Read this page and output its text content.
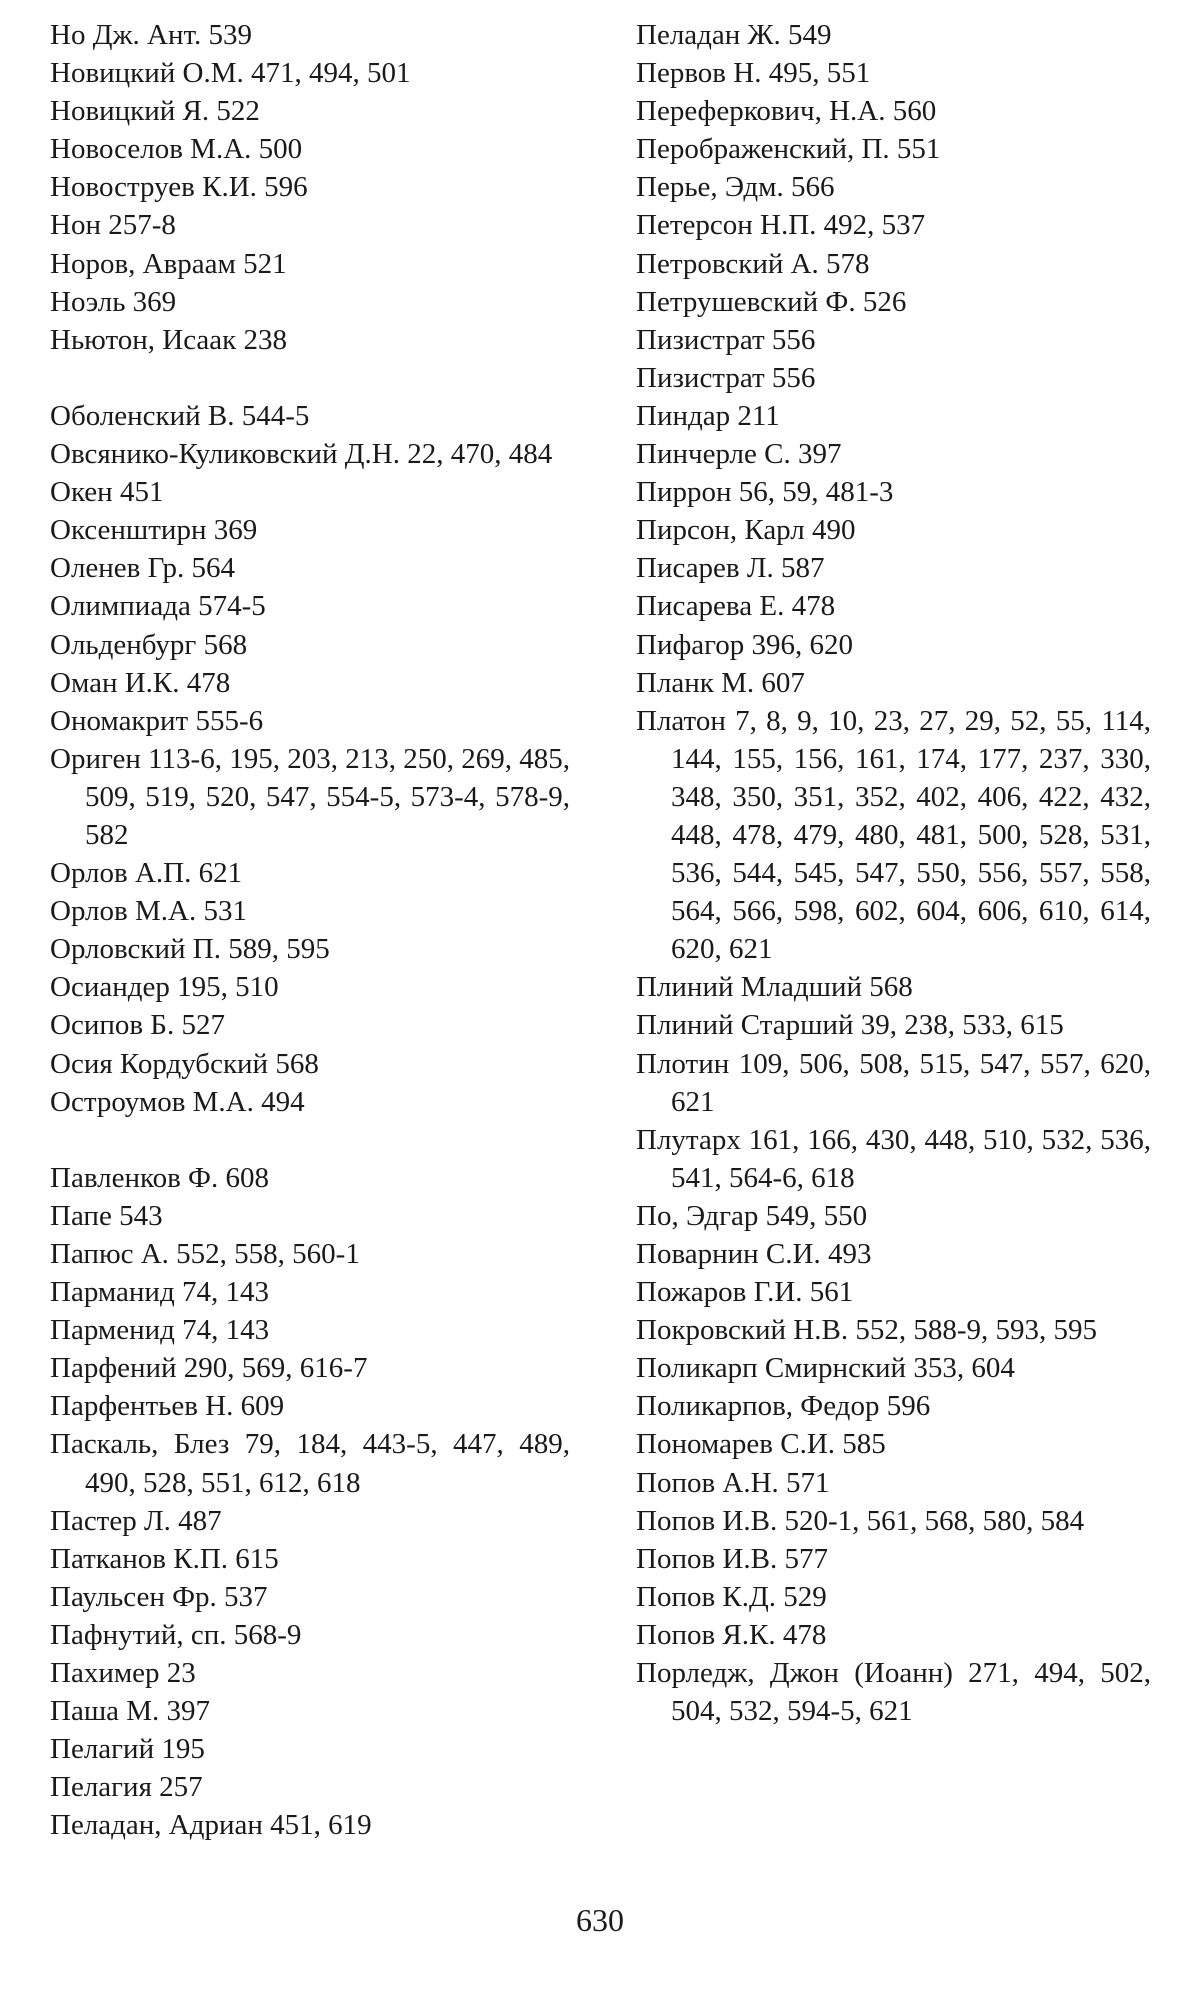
Но Дж. Ант. 539
Новицкий О.М. 471, 494, 501
Новицкий Я. 522
Новоселов М.А. 500
Новоструев К.И. 596
Нон 257-8
Норов, Авраам 521
Ноэль 369
Ньютон, Исаак 238
Оболенский В. 544-5
Овсянико-Куликовский Д.Н. 22, 470, 484
Окен 451
Оксенштирн 369
Оленев Гр. 564
Олимпиада 574-5
Ольденбург 568
Оман И.К. 478
Ономакрит 555-6
Ориген 113-6, 195, 203, 213, 250, 269, 485, 509, 519, 520, 547, 554-5, 573-4, 578-9, 582
Орлов А.П. 621
Орлов М.А. 531
Орловский П. 589, 595
Осиандер 195, 510
Осипов Б. 527
Осия Кордубский 568
Остроумов М.А. 494
Павленков Ф. 608
Папе 543
Папюс А. 552, 558, 560-1
Парманид 74, 143
Парменид 74, 143
Парфений 290, 569, 616-7
Парфентьев Н. 609
Паскаль, Блез 79, 184, 443-5, 447, 489, 490, 528, 551, 612, 618
Пастер Л. 487
Патканов К.П. 615
Паульсен Фр. 537
Пафнутий, сп. 568-9
Пахимер 23
Паша М. 397
Пелагий 195
Пелагия 257
Пеладан, Адриан 451, 619
Пеладан Ж. 549
Первов Н. 495, 551
Переферкович, Н.А. 560
Перображенский, П. 551
Перье, Эдм. 566
Петерсон Н.П. 492, 537
Петровский А. 578
Петрушевский Ф. 526
Пизистрат 556
Пизистрат 556
Пиндар 211
Пинчерле С. 397
Пиррон 56, 59, 481-3
Пирсон, Карл 490
Писарев Л. 587
Писарева Е. 478
Пифагор 396, 620
Планк М. 607
Платон 7, 8, 9, 10, 23, 27, 29, 52, 55, 114, 144, 155, 156, 161, 174, 177, 237, 330, 348, 350, 351, 352, 402, 406, 422, 432, 448, 478, 479, 480, 481, 500, 528, 531, 536, 544, 545, 547, 550, 556, 557, 558, 564, 566, 598, 602, 604, 606, 610, 614, 620, 621
Плиний Младший 568
Плиний Старший 39, 238, 533, 615
Плотин 109, 506, 508, 515, 547, 557, 620, 621
Плутарх 161, 166, 430, 448, 510, 532, 536, 541, 564-6, 618
По, Эдгар 549, 550
Поварнин С.И. 493
Пожаров Г.И. 561
Покровский Н.В. 552, 588-9, 593, 595
Поликарп Смирнский 353, 604
Поликарпов, Федор 596
Пономарев С.И. 585
Попов А.Н. 571
Попов И.В. 520-1, 561, 568, 580, 584
Попов И.В. 577
Попов К.Д. 529
Попов Я.К. 478
Порледж, Джон (Иоанн) 271, 494, 502, 504, 532, 594-5, 621
630
